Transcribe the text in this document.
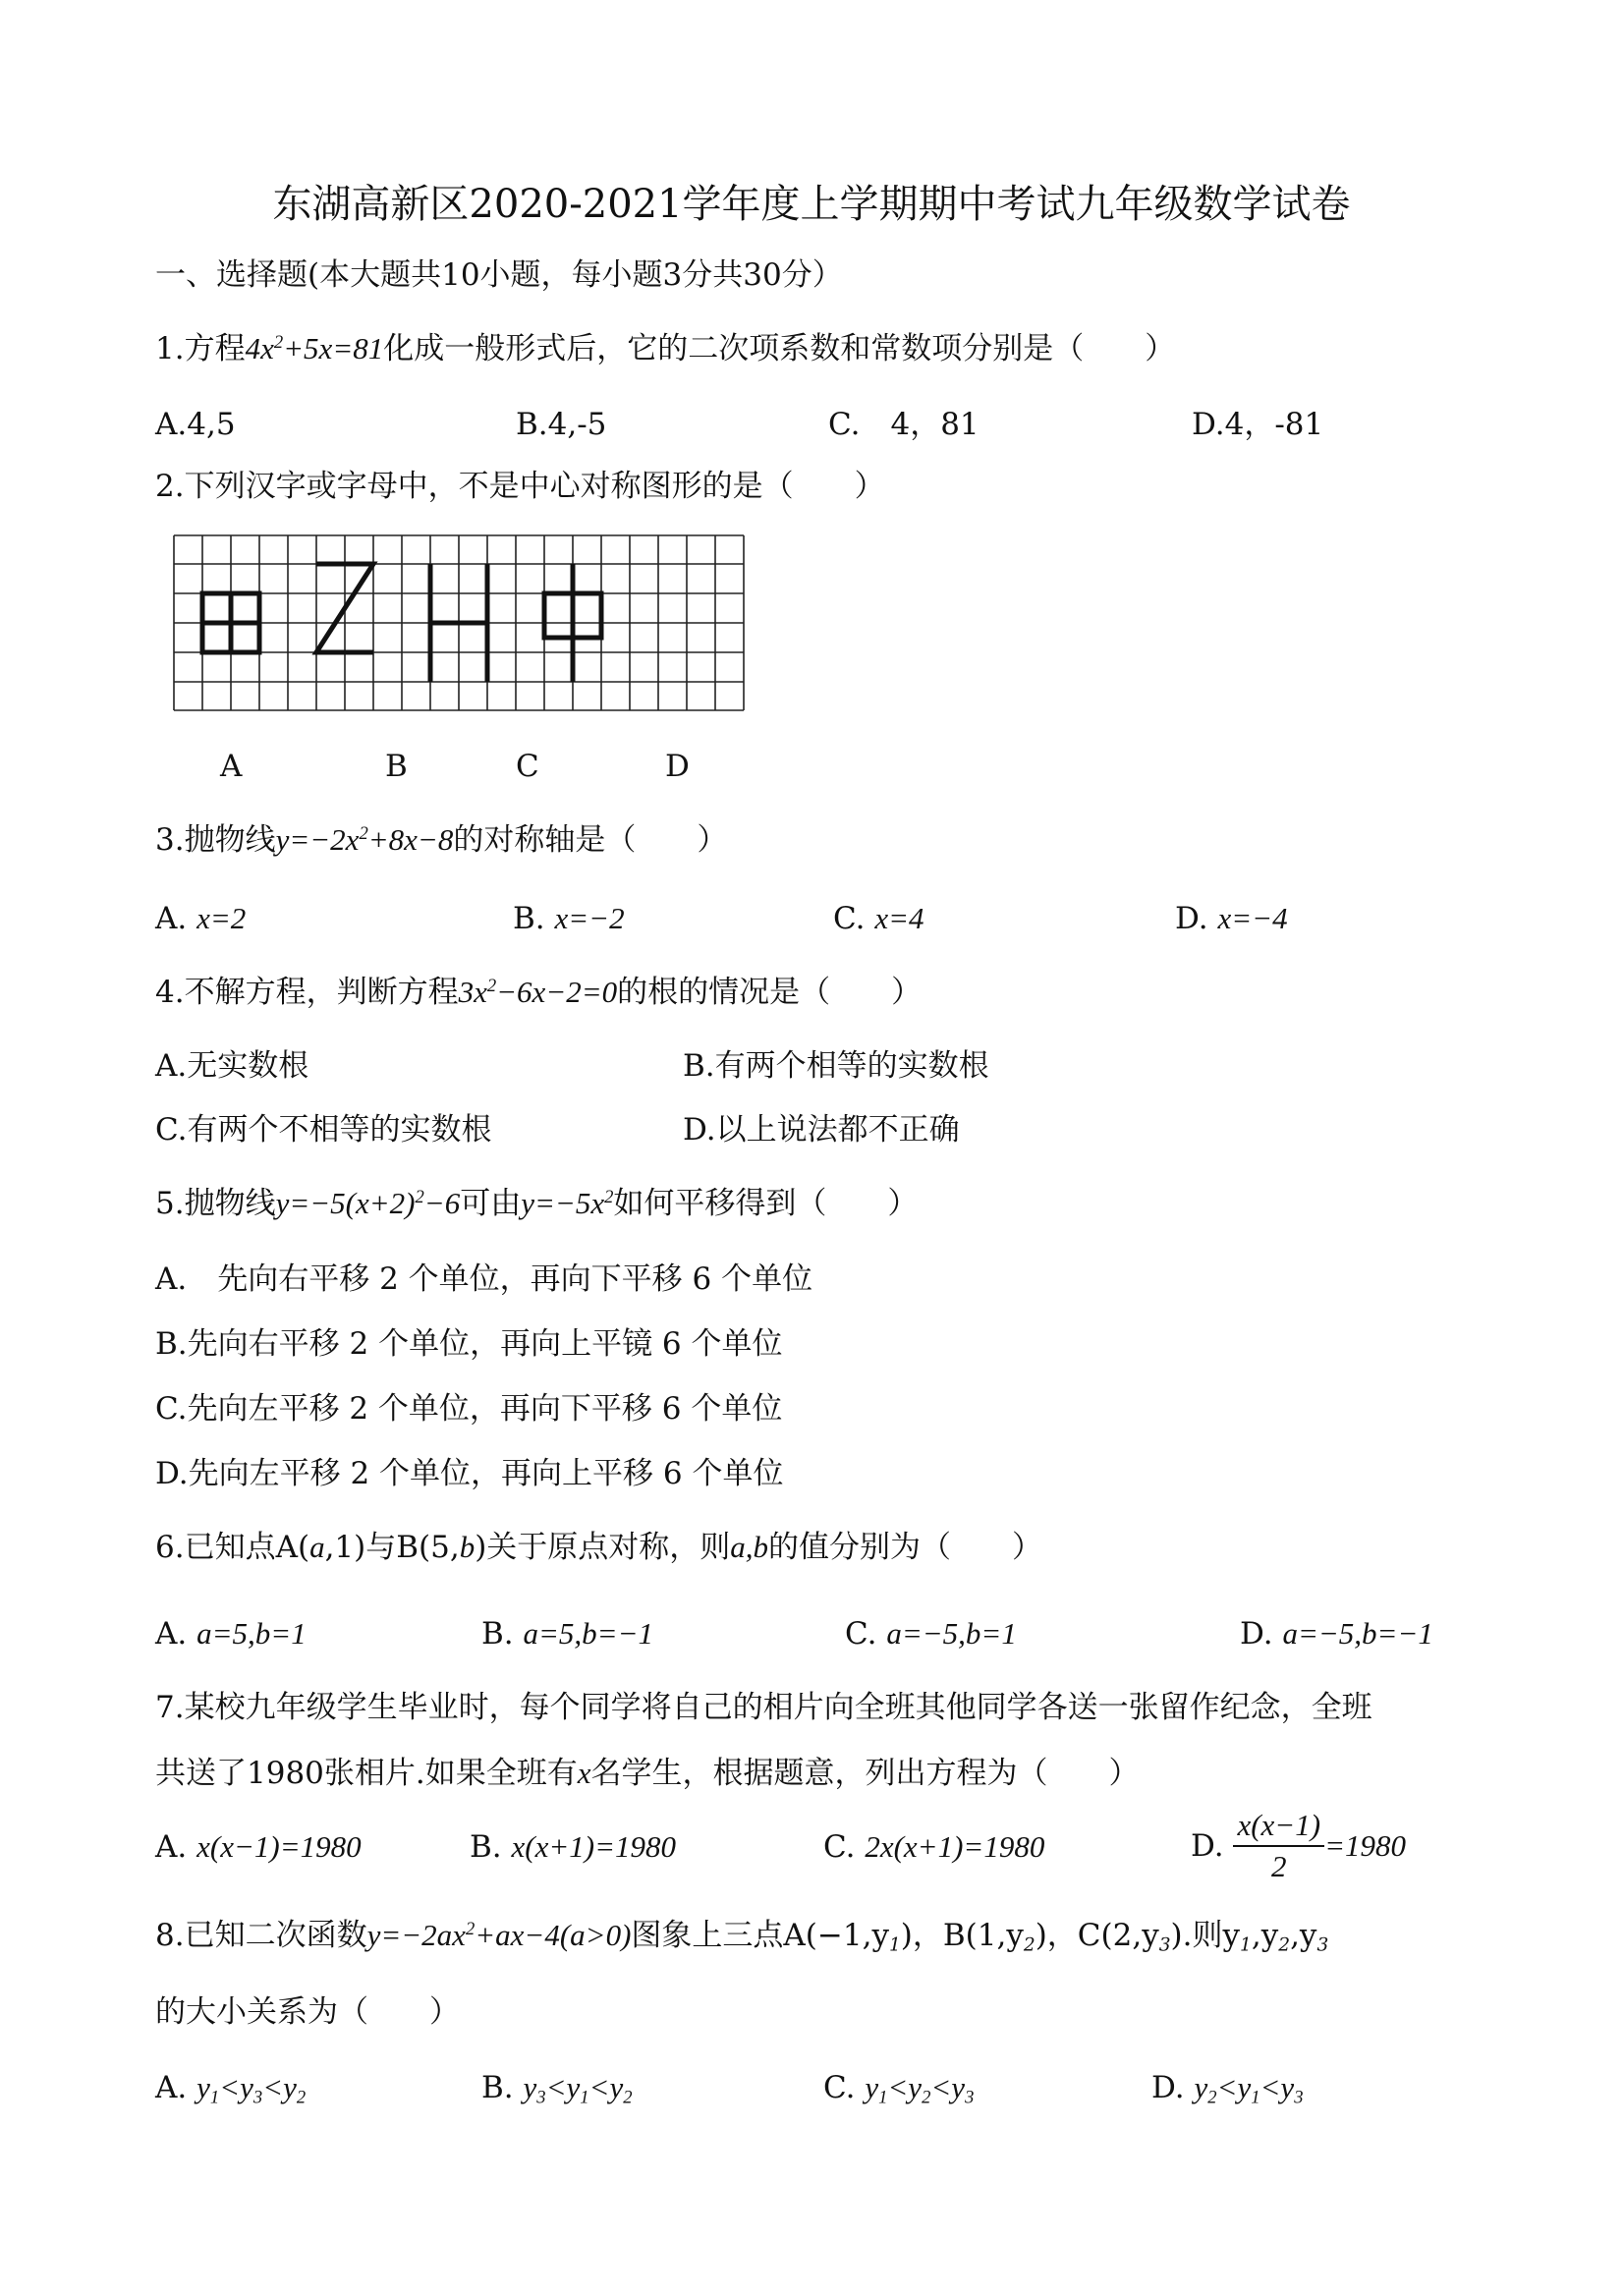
东湖高新区2020-2021学年度上学期期中考试九年级数学试卷
一、选择题(本大题共10小题，每小题3分共30分）
1.方程$4x^2+5x=81$化成一般形式后，它的二次项系数和常数项分别是（　　）
A.4,5	B.4,-5	C.　4，81	D.4，-81
2.下列汉字或字母中，不是中心对称图形的是（　　）
A	B	C	D
3.抛物线$y=-2x^2+8x-8$的对称轴是（　　）
A. x=2	B. x=−2	C. x=4	D. x=−4
4.不解方程，判断方程$3x^2-6x-2=0$的根的情况是（　　）
A.无实数根	B.有两个相等的实数根
C.有两个不相等的实数根	D.以上说法都不正确
5.抛物线$y=-5(x+2)^2-6$可由$y=-5x^2$如何平移得到（　　）
A.　先向右平移 2 个单位，再向下平移 6 个单位
B.先向右平移 2 个单位，再向上平镜 6 个单位
C.先向左平移 2 个单位，再向下平移 6 个单位
D.先向左平移 2 个单位，再向上平移 6 个单位
6.已知点A(a,1)与B(5,b)关于原点对称，则a,b的值分别为（　　）
A. a=5,b=1	B. a=5,b=−1	C. a=−5,b=1	D. a=−5,b=−1
7.某校九年级学生毕业时，每个同学将自己的相片向全班其他同学各送一张留作纪念，全班
共送了1980张相片.如果全班有x名学生，根据题意，列出方程为（　　）
A. x(x−1)=1980	B. x(x+1)=1980	C. 2x(x+1)=1980	D. $\frac{x(x-1)}{2} =1980$
8.已知二次函数$y=-2ax^2+ax-4(a>0)$图象上三点$A(-1,y_1)$，$B(1,y_2)$，$C(2,y_3)$.则$y_1,y_2,y_3$
的大小关系为（　　）
A. $y_1<y_3<y_2$	B. $y_3<y_1<y_2$	C. $y_1<y_2<y_3$	D. $y_2<y_1<y_3$
